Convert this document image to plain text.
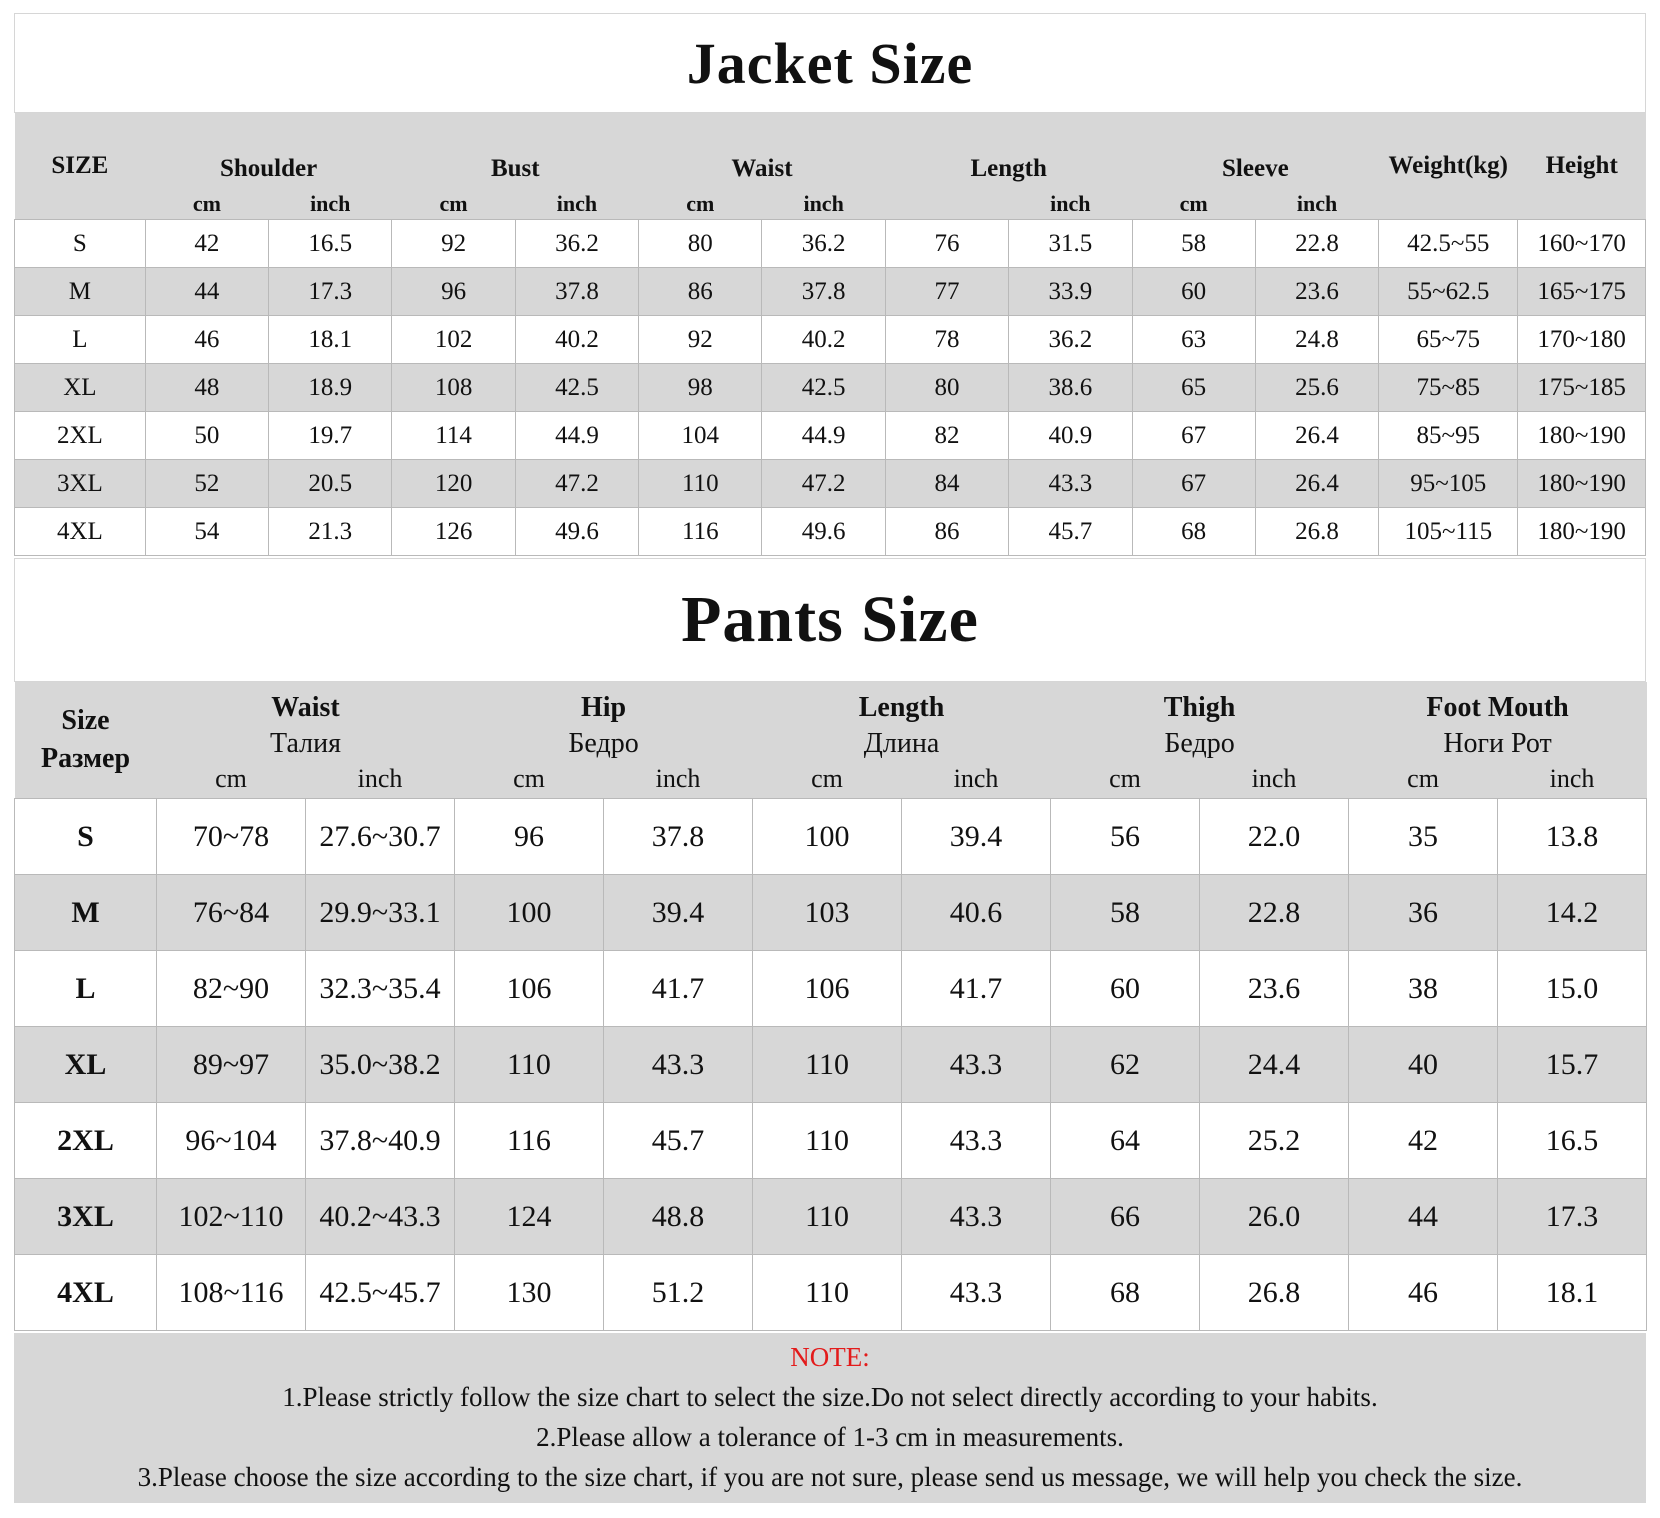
Jacket Size
SIZE	Shoulder		Bust		Waist		Length		Sleeve		Weight(kg)	Height
	cm	inch	cm	inch	cm	inch		inch	cm	inch		
S	42	16.5	92	36.2	80	36.2	76	31.5	58	22.8	42.5~55	160~170
M	44	17.3	96	37.8	86	37.8	77	33.9	60	23.6	55~62.5	165~175
L	46	18.1	102	40.2	92	40.2	78	36.2	63	24.8	65~75	170~180
XL	48	18.9	108	42.5	98	42.5	80	38.6	65	25.6	75~85	175~185
2XL	50	19.7	114	44.9	104	44.9	82	40.9	67	26.4	85~95	180~190
3XL	52	20.5	120	47.2	110	47.2	84	43.3	67	26.4	95~105	180~190
4XL	54	21.3	126	49.6	116	49.6	86	45.7	68	26.8	105~115	180~190
Pants Size
Size
Размер	Waist		Hip		Length		Thigh		Foot Mouth	
	Талия		Бедро		Длина		Бедро		Ноги Рот	
	cm	inch	cm	inch	cm	inch	cm	inch	cm	inch
S	70~78	27.6~30.7	96	37.8	100	39.4	56	22.0	35	13.8
M	76~84	29.9~33.1	100	39.4	103	40.6	58	22.8	36	14.2
L	82~90	32.3~35.4	106	41.7	106	41.7	60	23.6	38	15.0
XL	89~97	35.0~38.2	110	43.3	110	43.3	62	24.4	40	15.7
2XL	96~104	37.8~40.9	116	45.7	110	43.3	64	25.2	42	16.5
3XL	102~110	40.2~43.3	124	48.8	110	43.3	66	26.0	44	17.3
4XL	108~116	42.5~45.7	130	51.2	110	43.3	68	26.8	46	18.1
NOTE:
1.Please strictly follow the size chart to select the size.Do not select directly according to your habits.
2.Please allow a tolerance of 1-3 cm in measurements.
3.Please choose the size according to the size chart, if you are not sure, please send us message, we will help you check the size.
